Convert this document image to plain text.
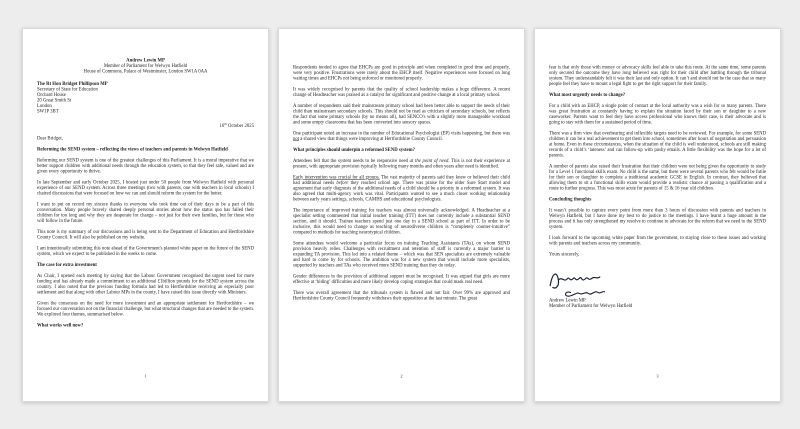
Andrew Lewin MP
Member of Parliament for Welwyn Hatfield
House of Commons, Palace of Westminster, London SW1A 0AA
The Rt Hon Bridget Phillipson MP
Secretary of State for Education
Orchard House
20 Great Smith St
London
SW1P 3BT
16th October 2025

Dear Bridget,

Reforming the SEND system – reflecting the views of teachers and parents in Welwyn Hatfield

Reforming our SEND system is one of the greatest challenges of this Parliament. It is a moral imperative that we better support children with additional needs through the education system, so that they feel safe, valued and are given every opportunity to thrive.

In late September and early October 2025, I hosted just under 50 people from Welwyn Hatfield with personal experience of our SEND system. Across three meetings (two with parents, one with teachers in local schools) I chaired discussions that were focused on how we can and should reform the system for the better.

I want to put on record my sincere thanks to everyone who took time out of their days to be a part of this conversation. Many people bravely shared deeply personal stories about how the status quo has failed their children for too long and why they are desperate for change – not just for their own families, but for those who will follow in the future.

This note is my summary of our discussions and is being sent to the Department of Education and Hertfordshire County Council. It will also be published on my website.

I am intentionally submitting this note ahead of the Government's planned white paper on the future of the SEND system, which we expect to be published in the weeks to come.

The case for extra investment

As Chair, I opened each meeting by saying that the Labour Government recognised the urgent need for more funding and has already made a commitment to an additional £1billion pounds for the SEND system across the country. I also noted that the previous funding formula had led to Hertfordshire receiving an especially poor settlement and that along with other Labour MPs in the county, I have raised this issue directly with Ministers.

Given the consensus on the need for more investment and an appropriate settlement for Hertfordshire – we focused our conversation not on the financial challenge, but what structural changes that are needed to the system. We explored four themes, summarised below.

What works well now?

1

Respondents tended to agree that EHCPs are good in principle and when completed in good time and properly, were very positive. Frustrations were rarely about the EHCP itself. Negative experiences were focused on long waiting times and EHCPs not being enforced or monitored properly.

It was widely recognised by parents that the quality of school leadership makes a huge difference. A recent change of Headteacher was praised as a catalyst for significant and positive change at a local primary school.

A number of respondents said their mainstream primary school had been better able to support the needs of their child than mainstream secondary schools. This should not be read as criticism of secondary schools, but reflects the fact that some primary schools (by no means all), had SENCO's with a slightly more manageable workload and some empty classrooms that has been converted into sensory spaces.

One participant noted an increase in the number of Educational Psychologist (EP) visits happening, but there was not a shared view that things were improving at Hertfordshire County Council.

What principles should underpin a reformed SEND system?

Attendees felt that the system needs to be responsive need at the point of need. This is not their experience at present, with appropriate provision typically following many months and often years after need is identified.

Early intervention was crucial for all groups. The vast majority of parents said they knew or believed their child had additional needs before they reached school age. There was praise for the older Sure Start model and agreement that early diagnosis of the additional needs of a child should be a priority in a reformed system. It was also agreed that multi-agency work was vital. Participants wanted to see a much closer working relationship between early years settings, schools, CAMHS and educational psychologists.

The importance of improved training for teachers was almost universally acknowledged. A Headteacher at a specialist setting commented that initial teacher training (ITT) does not currently include a substantial SEND section, and it should. Trainee teachers spend just one day in a SEND school as part of ITT. In order to be inclusive, this would need to change as teaching of neurodiverse children is “completely counter-intuitive” compared to methods for teaching neurotypical children.

Some attendees would welcome a particular focus on training Teaching Assistants (TAs), on whom SEND provision heavily relies. Challenges with recruitment and retention of staff is currently a major barrier to expanding TA provision. This led into a related theme – which was that SEN specialists are extremely valuable and hard to come by for schools. The ambition was for a new system that would include more specialists, supported by teachers and TAs who received more SEND training than they do today.

Gender differences in the provision of additional support must be recognised. It was argued that girls are more effective at ‘hiding’ difficulties and more likely develop coping strategies that could mask real need.

There was overall agreement that the tribunals system is flawed and not fair. Over 99% are approved and Hertfordshire County Council frequently withdraws their opposition at the last minute. The great

2

fear is that only those with money or advocacy skills feel able to take this route. At the same time, some parents only secured the outcome they have long believed was right for their child after battling through the tribunal system. They understandably felt it was their last and only option. It can’t and should not be the case that so many people feel they have to mount a legal fight to get the right support for their family.

What most urgently needs to change?

For a child with an EHCP, a single point of contact at the local authority was a wish for so many parents. There was great frustration at constantly having to explain the situation faced by their son or daughter to a new caseworker. Parents want to feel they have access professional who knows their case, is their advocate and is going to stay with them for a sustained period of time.

There was a firm view that overbearing and inflexible targets need to be reviewed. For example, for some SEND children it can be a real achievement to get them into school, sometimes after hours of negotiation and persuasion at home. Even in these circumstances, when the situation of the child is well understood, schools are still making records of a child’s ‘lateness’ and can follow-up with pushy emails. A little flexibility was the hope for a lot of parents.

A number of parents also raised their frustration that their children were not being given the opportunity to study for a Level 1 functional skills exam. No child is the same, but there were several parents who felt would be futile for their son or daughter to complete a traditional academic GCSE in English. In contrast, they believed that allowing them to sit a functional skills exam would provide a realistic chance at passing a qualification and a route to further progress. This was most acute for parents of 15 & 16 year old children.

Concluding thoughts

It wasn’t possible to capture every point from more than 3 hours of discussion with parents and teachers in Welwyn Hatfield, but I have done my best to do justice to the meetings. I have learnt a huge amount in the process and it has only strengthened my resolve to continue to advocate for the reform that we need to the SEND system.

I look forward to the upcoming white paper from the government, to staying close to these issues and working with parents and teachers across my community.

Yours sincerely,

Andrew Lewin MP
Member of Parliament for Welwyn Hatfield
3
